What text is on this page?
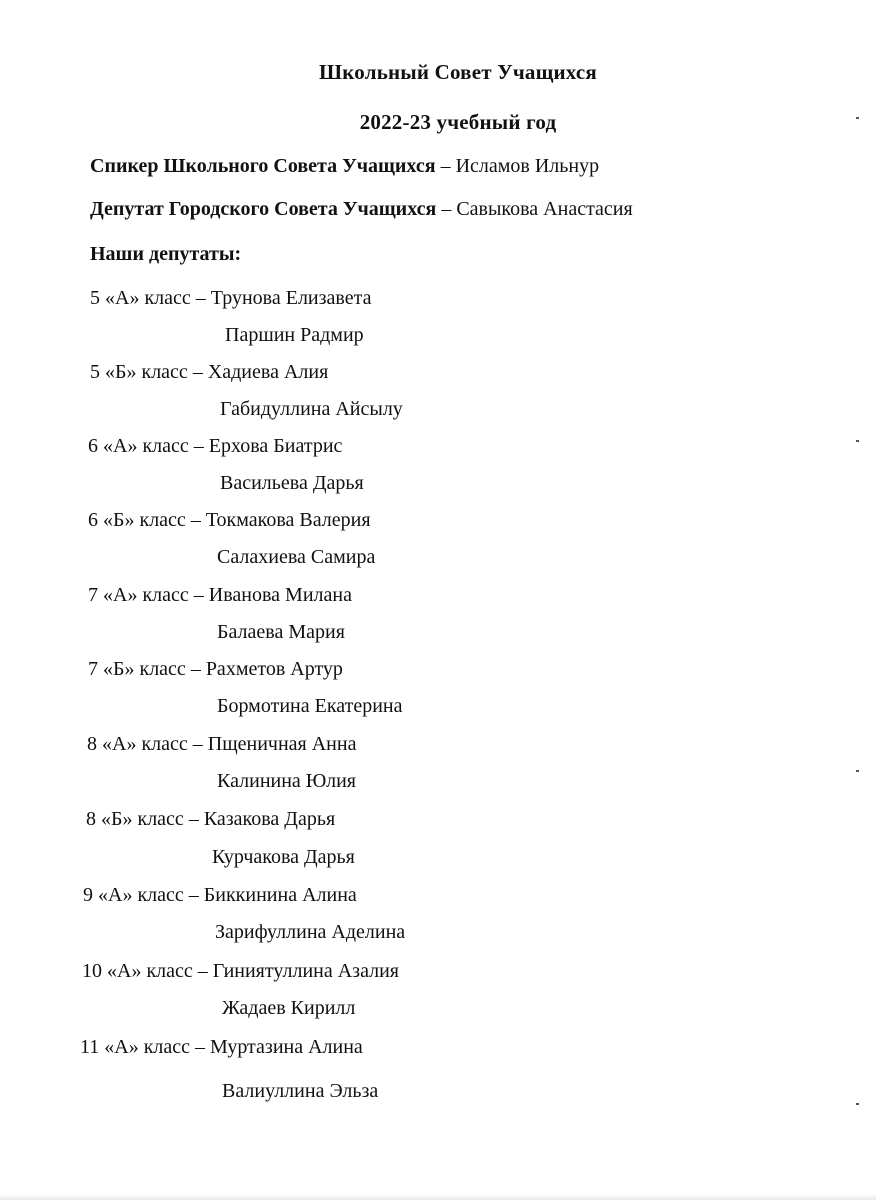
Школьный Совет Учащихся
2022-23 учебный год
Спикер Школьного Совета Учащихся – Исламов Ильнур
Депутат Городского Совета Учащихся – Савыкова Анастасия
Наши депутаты:
5 «А» класс – Трунова Елизавета
Паршин Радмир
5 «Б» класс – Хадиева Алия
Габидуллина Айсылу
6 «А» класс – Ерхова Биатрис
Васильева Дарья
6 «Б» класс – Токмакова Валерия
Салахиева Самира
7 «А» класс – Иванова Милана
Балаева Мария
7 «Б» класс – Рахметов Артур
Бормотина Екатерина
8 «А» класс – Пщеничная Анна
Калинина Юлия
8 «Б» класс – Казакова Дарья
Курчакова Дарья
9 «А» класс – Биккинина Алина
Зарифуллина Аделина
10 «А» класс – Гиниятуллина Азалия
Жадаев Кирилл
11 «А» класс – Муртазина Алина
Валиуллина Эльза
